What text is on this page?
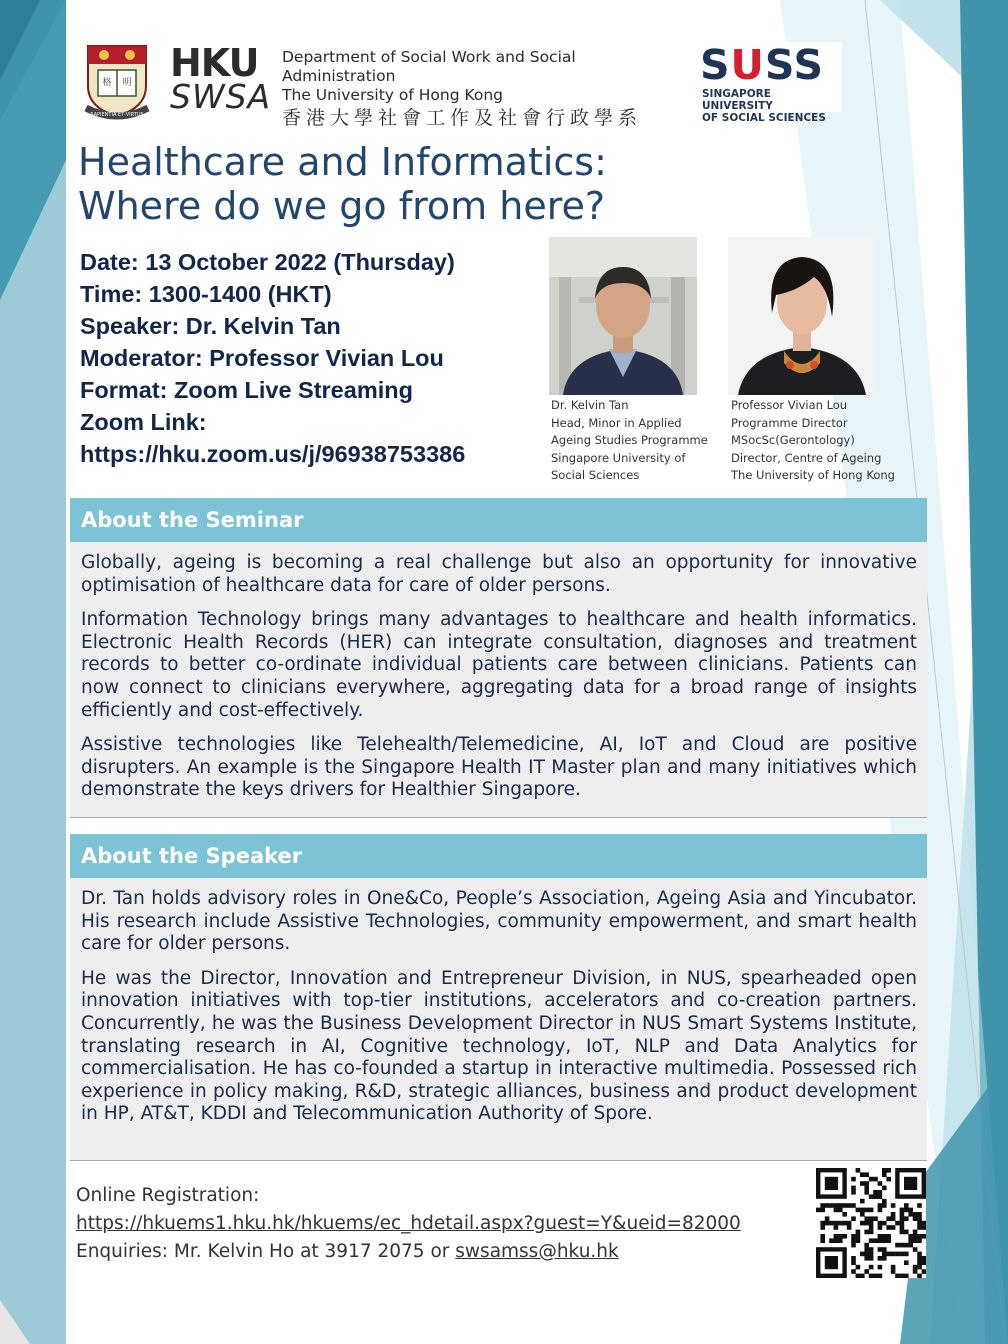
格 明
SAPIENTIA·ET·VIRTUS
HKU
SWSA
Department of Social Work and Social Administration
The University of Hong Kong
香港大學社會工作及社會行政學系
SUSS
SINGAPORE UNIVERSITY
OF SOCIAL SCIENCES
Healthcare and Informatics:
Where do we go from here?
Date: 13 October 2022 (Thursday)
Time: 1300-1400 (HKT)
Speaker: Dr. Kelvin Tan
Moderator: Professor Vivian Lou
Format: Zoom Live Streaming
Zoom Link:
https://hku.zoom.us/j/96938753386
Dr. Kelvin Tan
Head, Minor in Applied
Ageing Studies Programme
Singapore University of
Social Sciences
Professor Vivian Lou
Programme Director
MSocSc(Gerontology)
Director, Centre of Ageing
The University of Hong Kong
About the Seminar

Globally, ageing is becoming a real challenge but also an opportunity for innovative optimisation of healthcare data for care of older persons.

Information Technology brings many advantages to healthcare and health informatics. Electronic Health Records (HER) can integrate consultation, diagnoses and treatment records to better co-ordinate individual patients care between clinicians. Patients can now connect to clinicians everywhere, aggregating data for a broad range of insights efficiently and cost-effectively.

Assistive technologies like Telehealth/Telemedicine, AI, IoT and Cloud are positive disrupters. An example is the Singapore Health IT Master plan and many initiatives which demonstrate the keys drivers for Healthier Singapore.

About the Speaker

Dr. Tan holds advisory roles in One&Co, People’s Association, Ageing Asia and Yincubator. His research include Assistive Technologies, community empowerment, and smart health care for older persons.

He was the Director, Innovation and Entrepreneur Division, in NUS, spearheaded open innovation initiatives with top-tier institutions, accelerators and co-creation partners. Concurrently, he was the Business Development Director in NUS Smart Systems Institute, translating research in AI, Cognitive technology, IoT, NLP and Data Analytics for commercialisation. He has co-founded a startup in interactive multimedia. Possessed rich experience in policy making, R&D, strategic alliances, business and product development in HP, AT&T, KDDI and Telecommunication Authority of Spore.

Online Registration:
https://hkuems1.hku.hk/hkuems/ec_hdetail.aspx?guest=Y&ueid=82000
Enquiries: Mr. Kelvin Ho at 3917 2075 or swsamss@hku.hk
